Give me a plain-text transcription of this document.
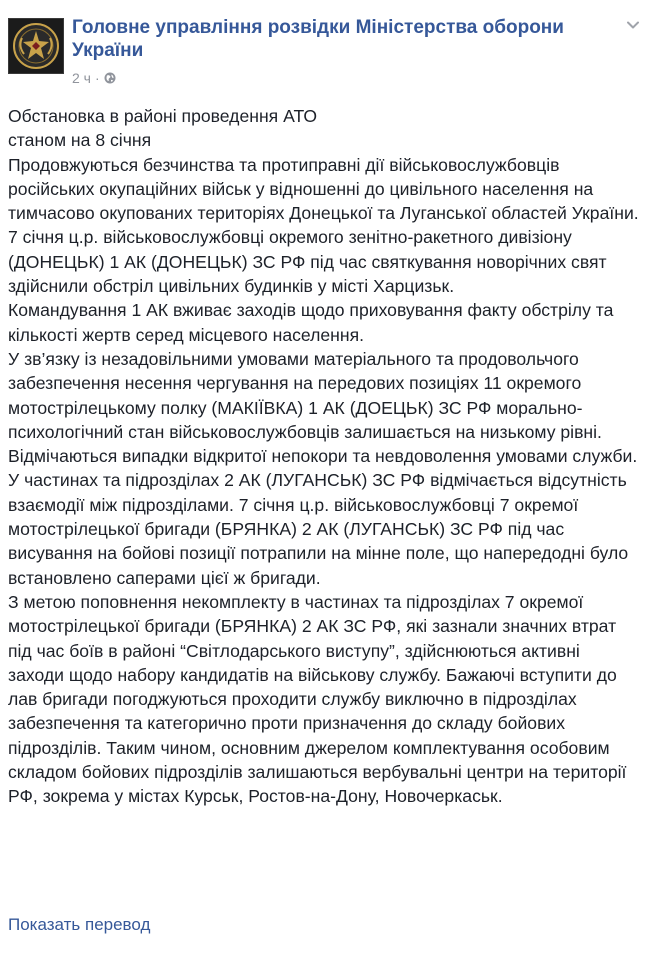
Головне управління розвідки Міністерства оборони України
2 ч ·

Обстановка в районі проведення АТО

станом на 8 січня

Продовжуються безчинства та протиправні дії військовослужбовців російських окупаційних військ у відношенні до цивільного населення на тимчасово окупованих територіях Донецької та Луганської областей України.

7 січня ц.р. військовослужбовці окремого зенітно-ракетного дивізіону (ДОНЕЦЬК) 1 АК (ДОНЕЦЬК) ЗС РФ під час святкування новорічних свят здійснили обстріл цивільних будинків у місті Харцизьк.

Командування 1 АК вживає заходів щодо приховування факту обстрілу та кількості жертв серед місцевого населення.

У зв’язку із незадовільними умовами матеріального та продовольчого забезпечення несення чергування на передових позиціях 11 окремого мотострілецькому полку (МАКІЇВКА) 1 АК (ДОЕЦЬК) ЗС РФ морально-психологічний стан військовослужбовців залишається на низькому рівні. Відмічаються випадки відкритої непокори та невдоволення умовами служби.

У частинах та підрозділах 2 АК (ЛУГАНСЬК) ЗС РФ відмічається відсутність взаємодії між підрозділами. 7 січня ц.р. військовослужбовці 7 окремої мотострілецької бригади (БРЯНКА) 2 АК (ЛУГАНСЬК) ЗС РФ під час висування на бойові позиції потрапили на мінне поле, що напередодні було встановлено саперами цієї ж бригади.

З метою поповнення некомплекту в частинах та підрозділах 7 окремої мотострілецької бригади (БРЯНКА) 2 АК ЗС РФ, які зазнали значних втрат під час боїв в районі “Світлодарського виступу”, здійснюються активні заходи щодо набору кандидатів на військову службу. Бажаючі вступити до лав бригади погоджуються проходити службу виключно в підрозділах забезпечення та категорично проти призначення до складу бойових підрозділів. Таким чином, основним джерелом комплектування особовим складом бойових підрозділів залишаються вербувальні центри на території РФ, зокрема у містах Курськ, Ростов-на-Дону, Новочеркаськ.

Показать перевод
